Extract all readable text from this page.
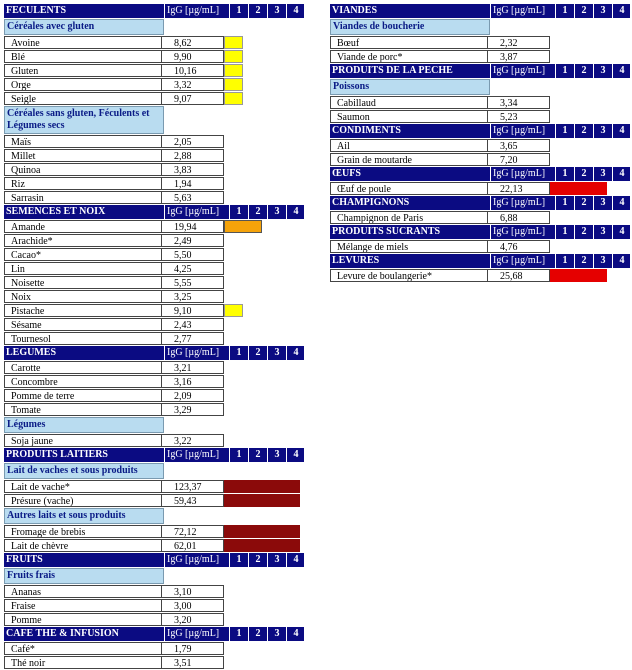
FECULENTS	IgG [µg/mL]	1	2	3	4
Céréales avec gluten
Avoine	8,62
Blé	9,90
Gluten	10,16
Orge	3,32
Seigle	9,07
Céréales sans gluten, Féculents et Légumes secs
Maïs	2,05
Millet	2,88
Quinoa	3,83
Riz	1,94
Sarrasin	5,63
SEMENCES ET NOIX	IgG [µg/mL]	1	2	3	4
Amande	19,94
Arachide*	2,49
Cacao*	5,50
Lin	4,25
Noisette	5,55
Noix	3,25
Pistache	9,10
Sésame	2,43
Tournesol	2,77
LEGUMES	IgG [µg/mL]	1	2	3	4
Carotte	3,21
Concombre	3,16
Pomme de terre	2,09
Tomate	3,29
Légumes
Soja jaune	3,22
PRODUITS LAITIERS	IgG [µg/mL]	1	2	3	4
Lait de vaches et sous produits
Lait de vache*	123,37
Présure (vache)	59,43
Autres laits et sous produits
Fromage de brebis	72,12
Lait de chèvre	62,01
FRUITS	IgG [µg/mL]	1	2	3	4
Fruits frais
Ananas	3,10
Fraise	3,00
Pomme	3,20
CAFE THE & INFUSION	IgG [µg/mL]	1	2	3	4
Café*	1,79
Thé noir	3,51
VIANDES	IgG [µg/mL]	1	2	3	4
Viandes de boucherie
Bœuf	2,32
Viande de porc*	3,87
PRODUITS DE LA PECHE	IgG [µg/mL]	1	2	3	4
Poissons
Cabillaud	3,34
Saumon	5,23
CONDIMENTS	IgG [µg/mL]	1	2	3	4
Ail	3,65
Grain de moutarde	7,20
ŒUFS	IgG [µg/mL]	1	2	3	4
Œuf de poule	22,13
CHAMPIGNONS	IgG [µg/mL]	1	2	3	4
Champignon de Paris	6,88
PRODUITS SUCRANTS	IgG [µg/mL]	1	2	3	4
Mélange de miels	4,76
LEVURES	IgG [µg/mL]	1	2	3	4
Levure de boulangerie*	25,68
